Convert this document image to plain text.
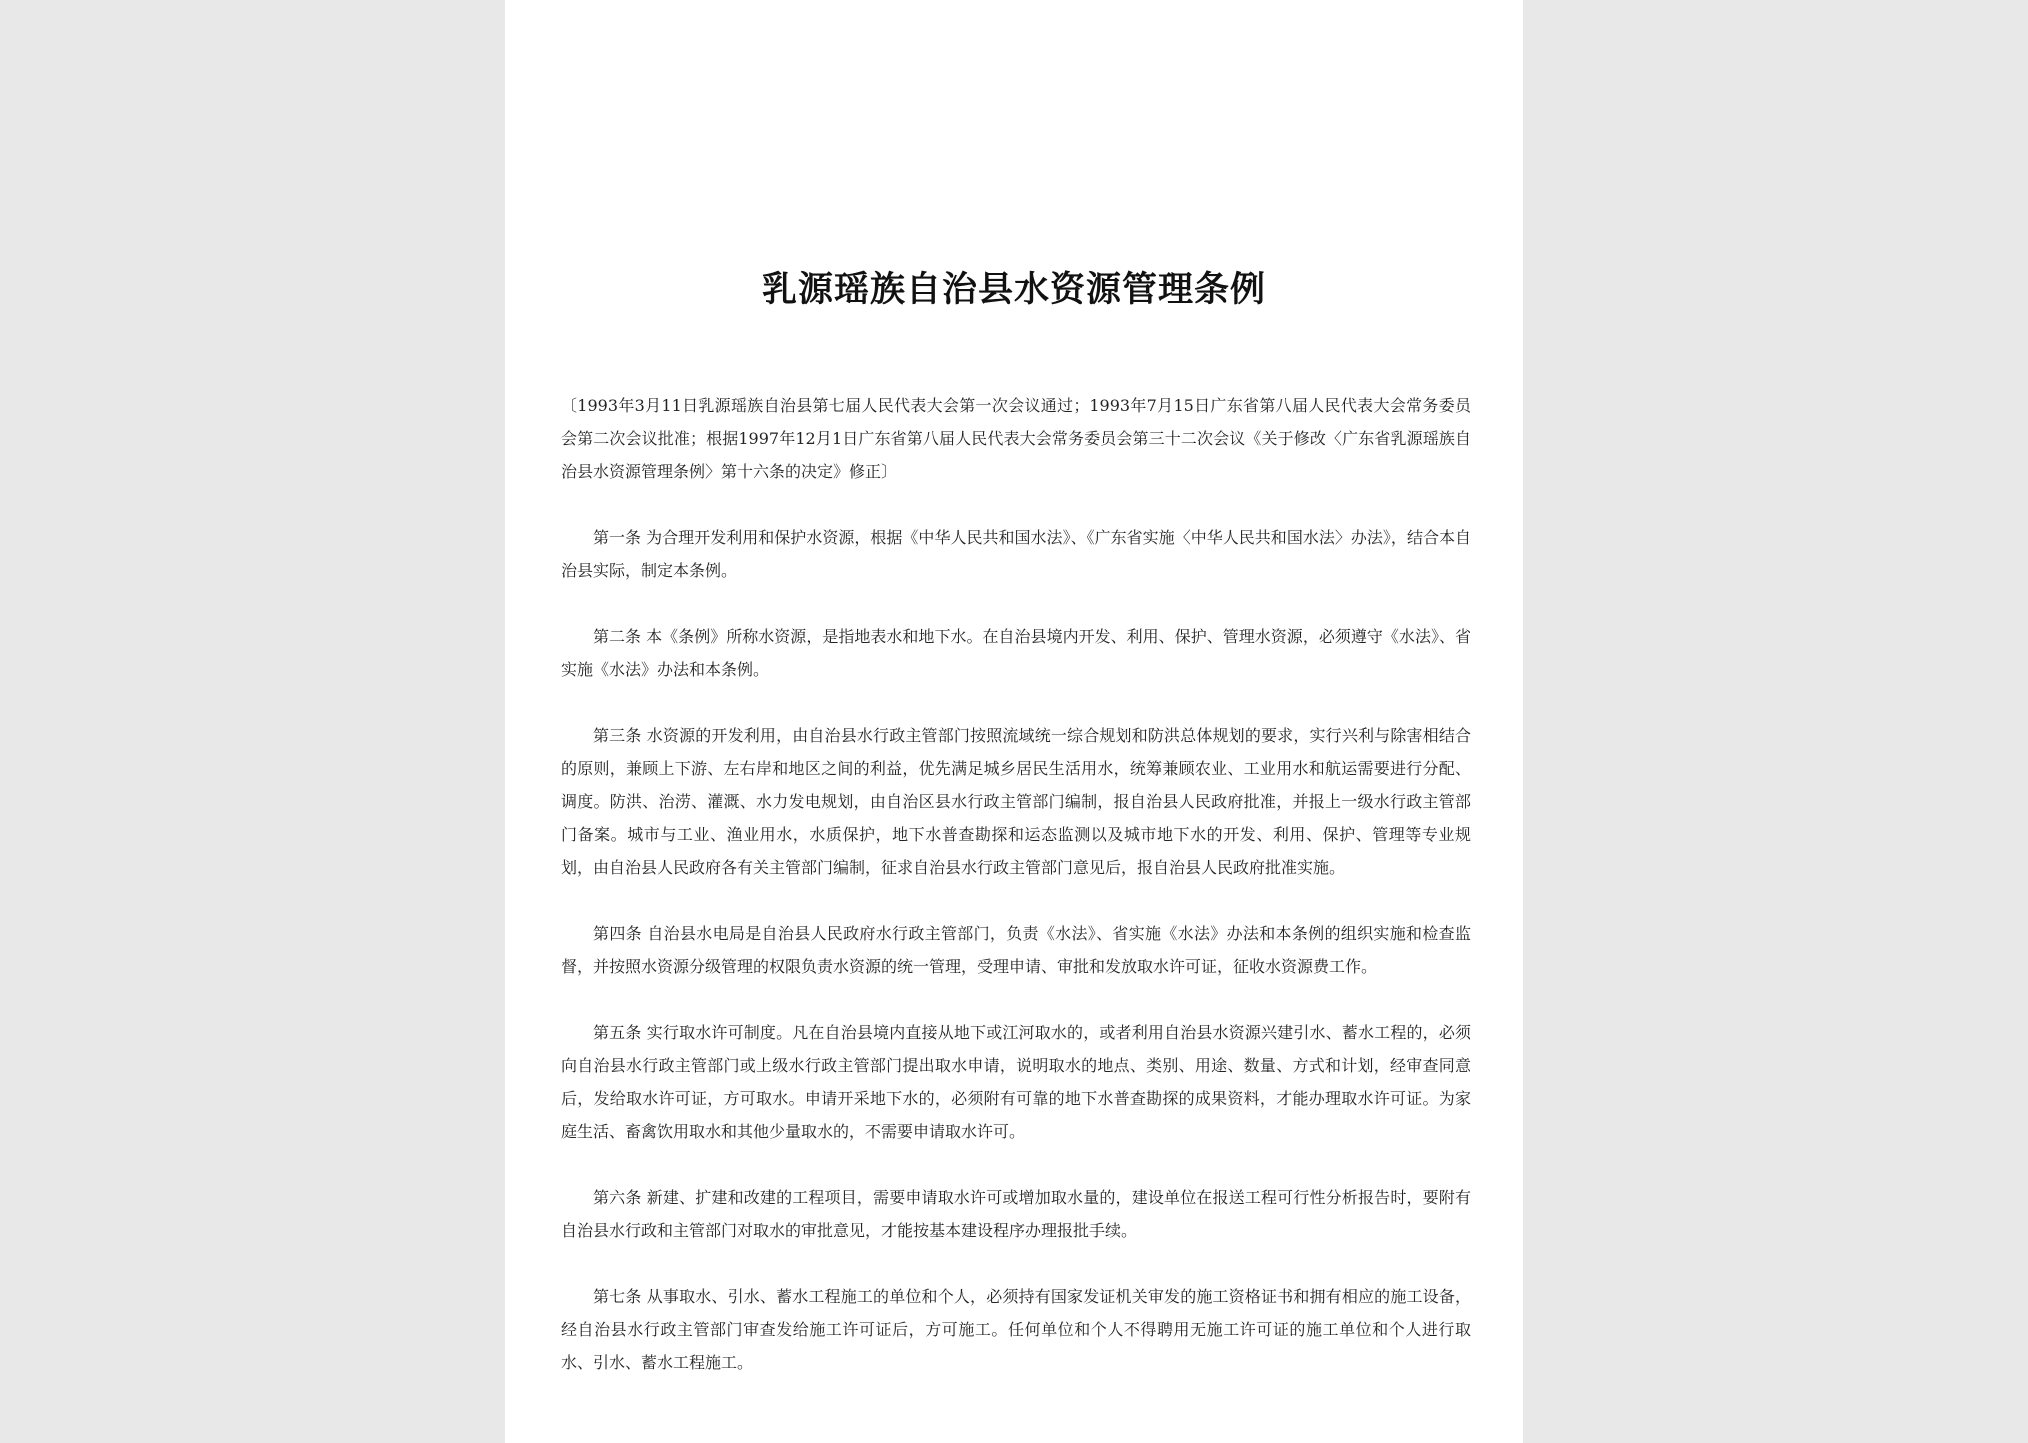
乳源瑶族自治县水资源管理条例

〔1993年3月11日乳源瑶族自治县第七届人民代表大会第一次会议通过；1993年7月15日广东省第八届人民代表大会常务委员会第二次会议批准；根据1997年12月1日广东省第八届人民代表大会常务委员会第三十二次会议《关于修改〈广东省乳源瑶族自治县水资源管理条例〉第十六条的决定》修正〕

第一条 为合理开发利用和保护水资源，根据《中华人民共和国水法》、《广东省实施〈中华人民共和国水法〉办法》，结合本自治县实际，制定本条例。

第二条 本《条例》所称水资源，是指地表水和地下水。在自治县境内开发、利用、保护、管理水资源，必须遵守《水法》、省实施《水法》办法和本条例。

第三条 水资源的开发利用，由自治县水行政主管部门按照流域统一综合规划和防洪总体规划的要求，实行兴利与除害相结合的原则，兼顾上下游、左右岸和地区之间的利益，优先满足城乡居民生活用水，统筹兼顾农业、工业用水和航运需要进行分配、调度。防洪、治涝、灌溉、水力发电规划，由自治区县水行政主管部门编制，报自治县人民政府批准，并报上一级水行政主管部门备案。城市与工业、渔业用水，水质保护，地下水普查勘探和运态监测以及城市地下水的开发、利用、保护、管理等专业规划，由自治县人民政府各有关主管部门编制，征求自治县水行政主管部门意见后，报自治县人民政府批准实施。

第四条 自治县水电局是自治县人民政府水行政主管部门，负责《水法》、省实施《水法》办法和本条例的组织实施和检查监督，并按照水资源分级管理的权限负责水资源的统一管理，受理申请、审批和发放取水许可证，征收水资源费工作。

第五条 实行取水许可制度。凡在自治县境内直接从地下或江河取水的，或者利用自治县水资源兴建引水、蓄水工程的，必须向自治县水行政主管部门或上级水行政主管部门提出取水申请，说明取水的地点、类别、用途、数量、方式和计划，经审查同意后，发给取水许可证，方可取水。申请开采地下水的，必须附有可靠的地下水普查勘探的成果资料，才能办理取水许可证。为家庭生活、畜禽饮用取水和其他少量取水的，不需要申请取水许可。

第六条 新建、扩建和改建的工程项目，需要申请取水许可或增加取水量的，建设单位在报送工程可行性分析报告时，要附有自治县水行政和主管部门对取水的审批意见，才能按基本建设程序办理报批手续。

第七条 从事取水、引水、蓄水工程施工的单位和个人，必须持有国家发证机关审发的施工资格证书和拥有相应的施工设备，经自治县水行政主管部门审查发给施工许可证后，方可施工。任何单位和个人不得聘用无施工许可证的施工单位和个人进行取水、引水、蓄水工程施工。
